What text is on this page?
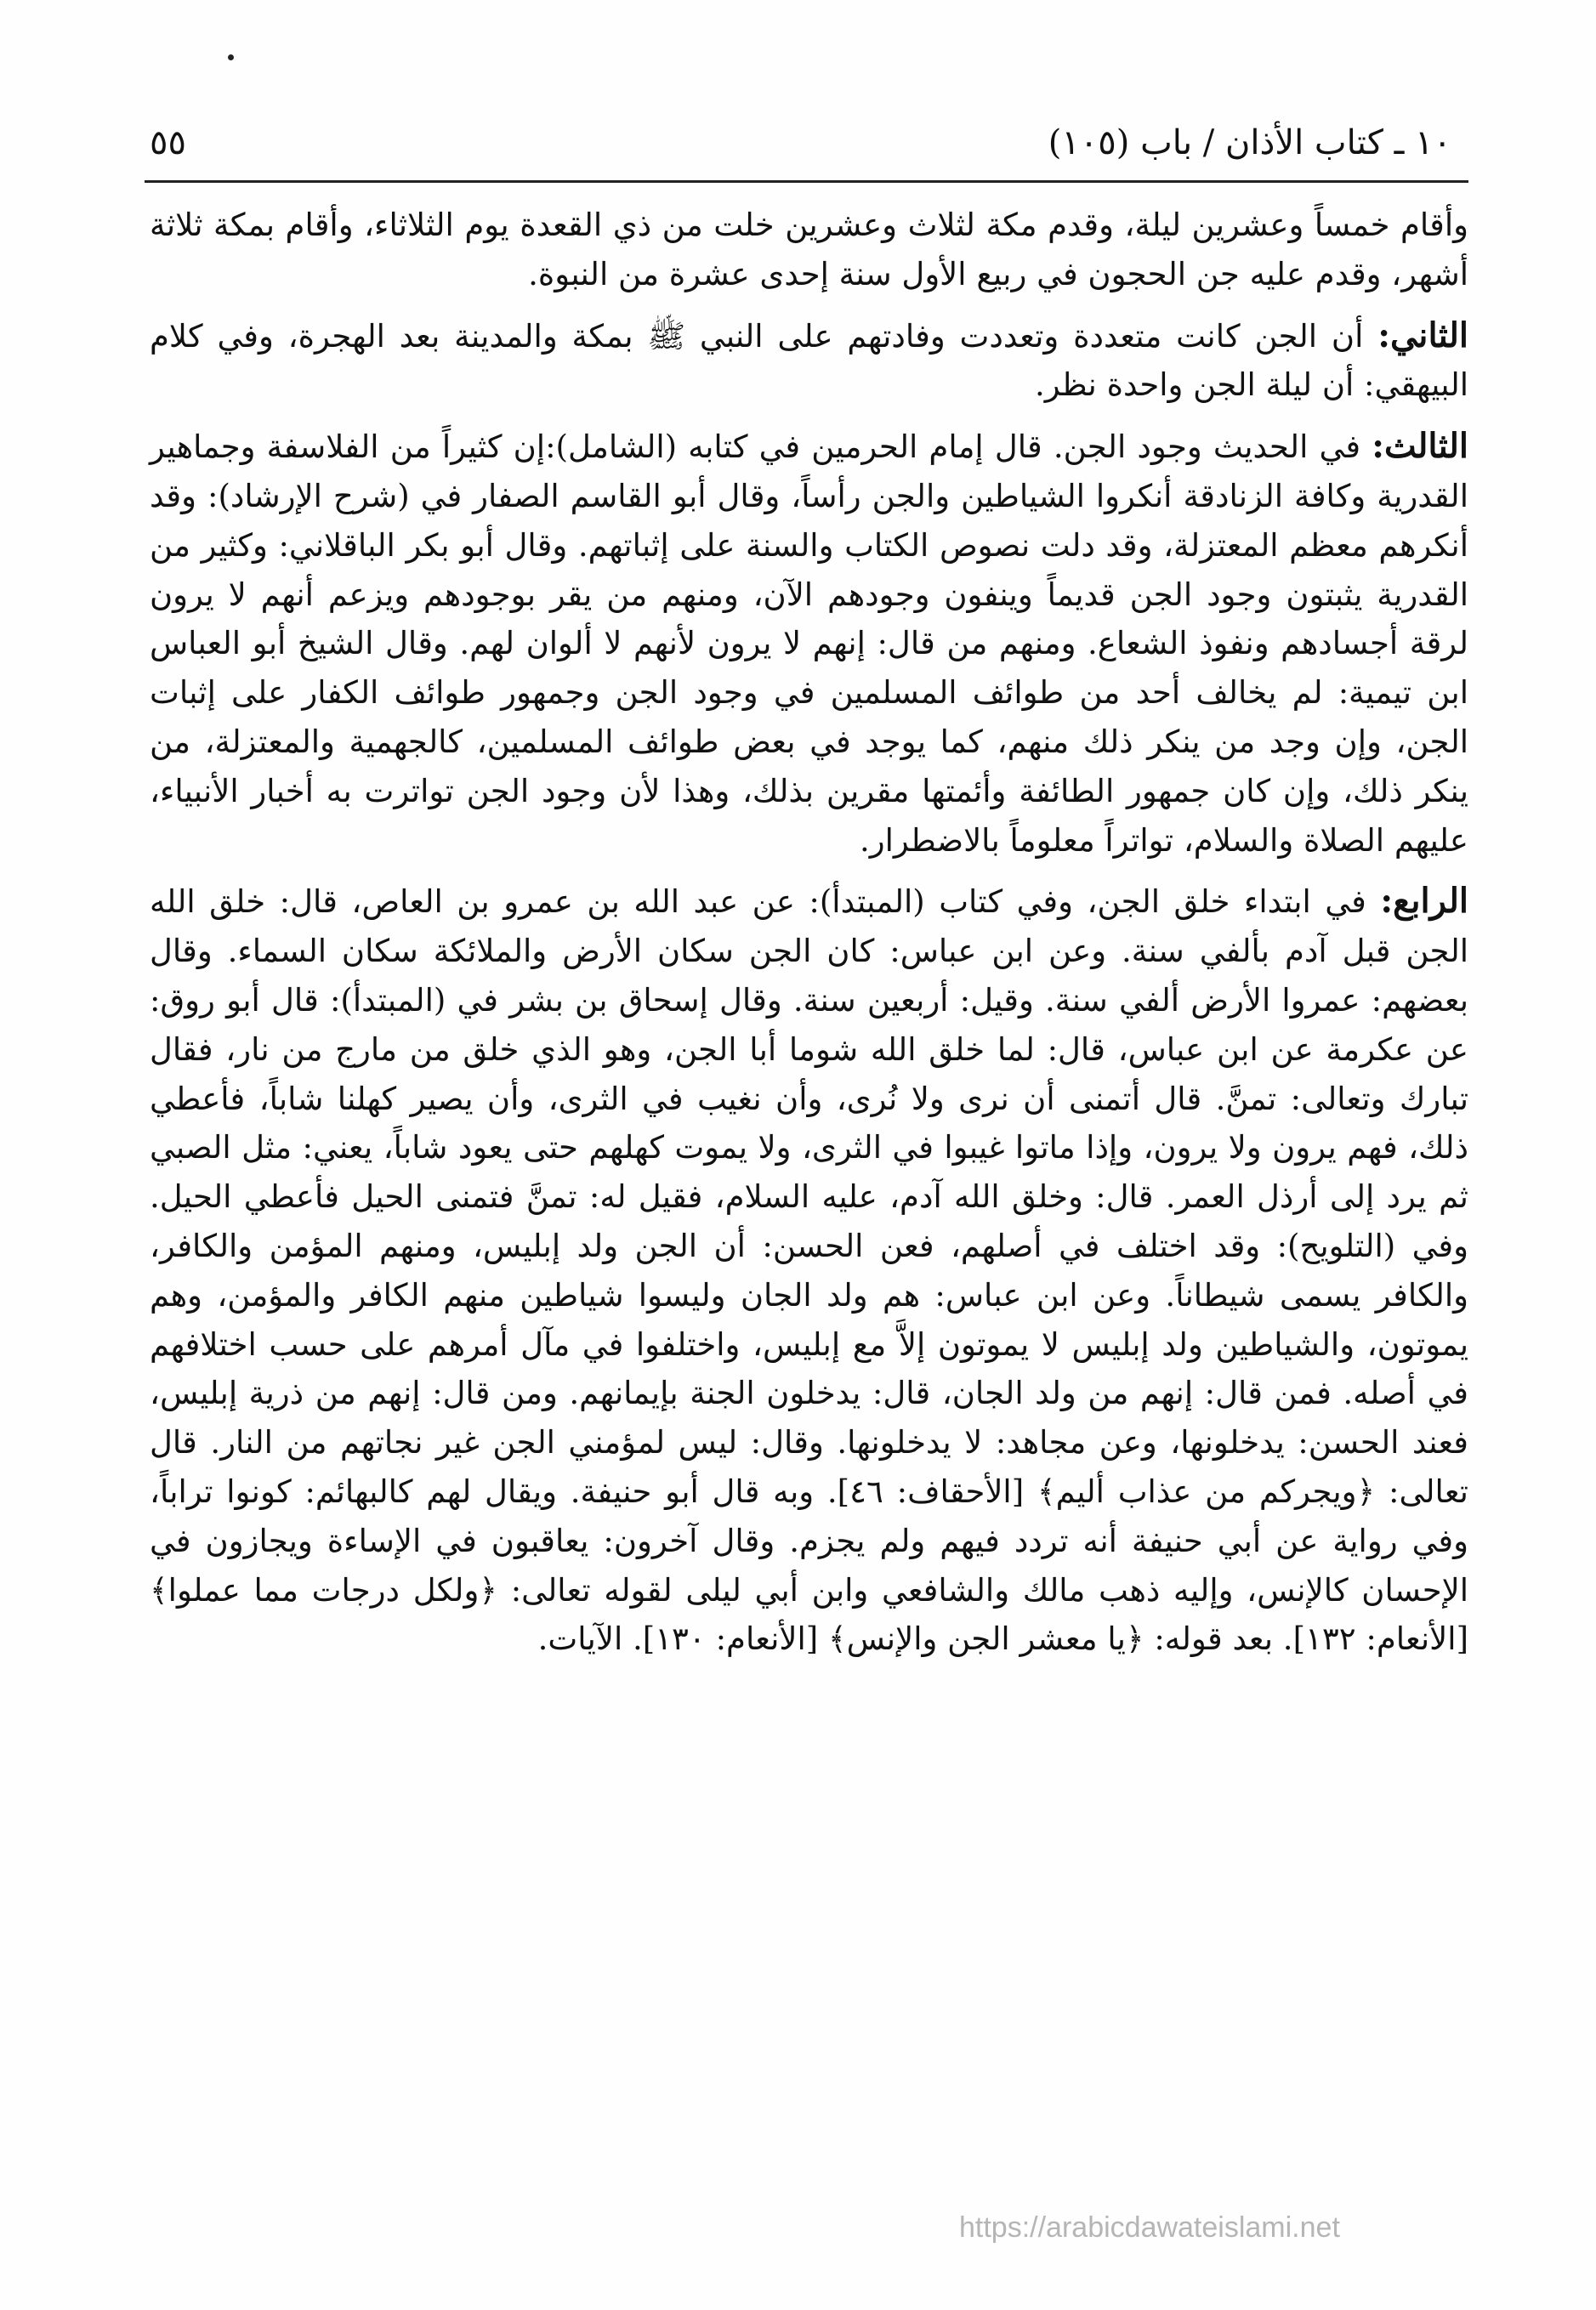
١٠ ـ كتاب الأذان / باب (١٠٥)
٥٥

وأقام خمساً وعشرين ليلة، وقدم مكة لثلاث وعشرين خلت من ذي القعدة يوم الثلاثاء، وأقام بمكة ثلاثة أشهر، وقدم عليه جن الحجون في ربيع الأول سنة إحدى عشرة من النبوة.

الثاني: أن الجن كانت متعددة وتعددت وفادتهم على النبي ﷺ بمكة والمدينة بعد الهجرة، وفي كلام البيهقي: أن ليلة الجن واحدة نظر.

الثالث: في الحديث وجود الجن. قال إمام الحرمين في كتابه (الشامل):إن كثيراً من الفلاسفة وجماهير القدرية وكافة الزنادقة أنكروا الشياطين والجن رأساً، وقال أبو القاسم الصفار في (شرح الإرشاد): وقد أنكرهم معظم المعتزلة، وقد دلت نصوص الكتاب والسنة على إثباتهم. وقال أبو بكر الباقلاني: وكثير من القدرية يثبتون وجود الجن قديماً وينفون وجودهم الآن، ومنهم من يقر بوجودهم ويزعم أنهم لا يرون لرقة أجسادهم ونفوذ الشعاع. ومنهم من قال: إنهم لا يرون لأنهم لا ألوان لهم. وقال الشيخ أبو العباس ابن تيمية: لم يخالف أحد من طوائف المسلمين في وجود الجن وجمهور طوائف الكفار على إثبات الجن، وإن وجد من ينكر ذلك منهم، كما يوجد في بعض طوائف المسلمين، كالجهمية والمعتزلة، من ينكر ذلك، وإن كان جمهور الطائفة وأئمتها مقرين بذلك، وهذا لأن وجود الجن تواترت به أخبار الأنبياء، عليهم الصلاة والسلام، تواتراً معلوماً بالاضطرار.

الرابع: في ابتداء خلق الجن، وفي كتاب (المبتدأ): عن عبد الله بن عمرو بن العاص، قال: خلق الله الجن قبل آدم بألفي سنة. وعن ابن عباس: كان الجن سكان الأرض والملائكة سكان السماء. وقال بعضهم: عمروا الأرض ألفي سنة. وقيل: أربعين سنة. وقال إسحاق بن بشر في (المبتدأ): قال أبو روق: عن عكرمة عن ابن عباس، قال: لما خلق الله شوما أبا الجن، وهو الذي خلق من مارج من نار، فقال تبارك وتعالى: تمنَّ. قال أتمنى أن نرى ولا نُرى، وأن نغيب في الثرى، وأن يصير كهلنا شاباً، فأعطي ذلك، فهم يرون ولا يرون، وإذا ماتوا غيبوا في الثرى، ولا يموت كهلهم حتى يعود شاباً، يعني: مثل الصبي ثم يرد إلى أرذل العمر. قال: وخلق الله آدم، عليه السلام، فقيل له: تمنَّ فتمنى الحيل فأعطي الحيل. وفي (التلويح): وقد اختلف في أصلهم، فعن الحسن: أن الجن ولد إبليس، ومنهم المؤمن والكافر، والكافر يسمى شيطاناً. وعن ابن عباس: هم ولد الجان وليسوا شياطين منهم الكافر والمؤمن، وهم يموتون، والشياطين ولد إبليس لا يموتون إلاَّ مع إبليس، واختلفوا في مآل أمرهم على حسب اختلافهم في أصله. فمن قال: إنهم من ولد الجان، قال: يدخلون الجنة بإيمانهم. ومن قال: إنهم من ذرية إبليس، فعند الحسن: يدخلونها، وعن مجاهد: لا يدخلونها. وقال: ليس لمؤمني الجن غير نجاتهم من النار. قال تعالى: ﴿ويجركم من عذاب أليم﴾ [الأحقاف: ٤٦]. وبه قال أبو حنيفة. ويقال لهم كالبهائم: كونوا تراباً، وفي رواية عن أبي حنيفة أنه تردد فيهم ولم يجزم. وقال آخرون: يعاقبون في الإساءة ويجازون في الإحسان كالإنس، وإليه ذهب مالك والشافعي وابن أبي ليلى لقوله تعالى: ﴿ولكل درجات مما عملوا﴾ [الأنعام: ١٣٢]. بعد قوله: ﴿يا معشر الجن والإنس﴾ [الأنعام: ١٣٠]. الآيات.

https://arabicdawateislami.net
